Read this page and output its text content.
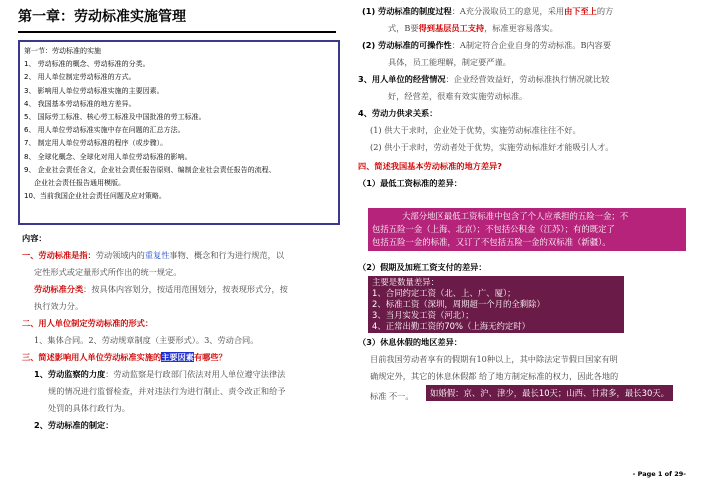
第一章：劳动标准实施管理
第一节：劳动标准的实施
1、 劳动标准的概念、劳动标准的分类。
2、 用人单位制定劳动标准的方式。
3、 影响用人单位劳动标准实施的主要因素。
4、 我国基本劳动标准的地方差异。
5、 国际劳工标准、核心劳工标准及中国批准的劳工标准。
6、 用人单位劳动标准实施中存在问题的汇总方法。
7、 制定用人单位劳动标准的程序（或步骤）。
8、 全球化概念、全球化对用人单位劳动标准的影响。
9、 企业社会责任含义，企业社会责任报告原则、编制企业社会责任报告的流程、
企业社会责任报告通用模版。
10、当前我国企业社会责任问题及应对策略。
内容：
一、劳动标准是指：劳动领域内的重复性事物、概念和行为进行规范，以
定性形式或定量形式所作出的统一规定。
劳动标准分类：按具体内容划分，按适用范围划分，按表现形式分，按
执行效力分。
二、用人单位制定劳动标准的形式：
1、集体合同。2、劳动规章制度（主要形式）。3、劳动合同。
三、简述影响用人单位劳动标准实施的主要因素有哪些？
1、劳动监察的力度：劳动监察是行政部门依法对用人单位遵守法律法
规的情况进行监督检查，并对违法行为进行制止、责令改正和给予
处罚的具体行政行为。
2、劳动标准的制定：
(1) 劳动标准的制度过程：A充分汲取员工的意见，采用由下至上的方
式，B要得到基层员工支持，标准更容易落实。
(2) 劳动标准的可操作性：A制定符合企业自身的劳动标准。B内容要
具体，员工能理解，制定要严谨。
3、用人单位的经营情况：企业经营效益好，劳动标准执行情况就比较
好，经营差，很难有效实施劳动标准。
4、劳动力供求关系：
(1) 供大于求时，企业处于优势，实施劳动标准往往不好。
(2) 供小于求时，劳动者处于优势，实施劳动标准好才能吸引人才。
四、简述我国基本劳动标准的地方差异?
（1）最低工资标准的差异：
大部分地区最低工资标准中包含了个人应承担的五险一金；不
包括五险一金（上海、北京）；不包括公积金（江苏）；有的既定了
包括五险一金的标准，又订了不包括五险一金的双标准（新疆）。
（2）假期及加班工资支付的差异：
主要是数量差异：
1、合同约定工资（北、上、广、厦）；
2、标准工资（深圳，周期超一个月的全剩除）
3、当月实发工资（河北）；
4、正常出勤工资的70%（上海无约定时）
（3）休息休假的地区差异：
目前我国劳动者享有的假期有10种以上，其中除法定节假日国家有明
确规定外，其它的休息休假都 给了地方制定标准的权力，因此各地的
标准 不一。	如婚假：京、沪、津少，最长10天；山西、甘肃多，最长30天。
- Page 1 of 29-
